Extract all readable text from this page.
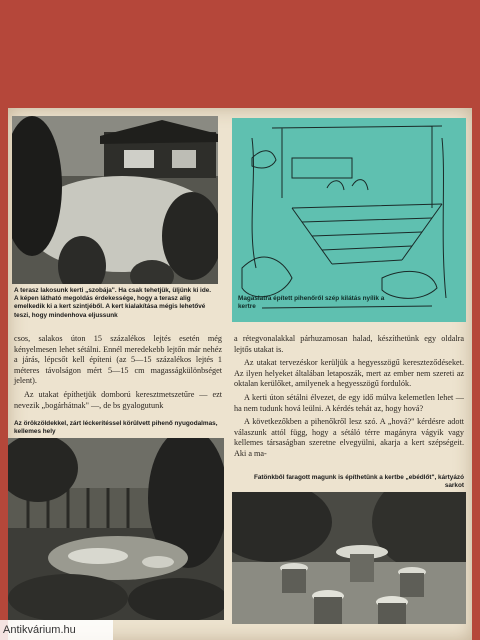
A terasz lakosunk kerti „szobája". Ha csak tehetjük, üljünk ki ide. A képen látható megoldás érdekessége, hogy a terasz alig emelkedik ki a kert szintjéből. A kert kialakítása mégis lehetővé teszi, hogy mindenhova eljussunk
Magaslatra épített pihenőről szép kilátás nyílik a kertre

csos, salakos úton 15 százalékos lejtés esetén még kényelmesen lehet sétálni. Ennél meredekebb lejtőn már nehéz a járás, lépcsőt kell építeni (az 5—15 százalékos lejtés 1 méteres távolságon mért 5—15 cm magasságkülönbséget jelent).

Az utakat építhetjük domború keresztmetszetűre — ezt nevezik „bogárhátnak" —, de bs gyalogutunk

a rétegvonalakkal párhuzamosan halad, készíthetünk egy oldalra lejtős utakat is.

Az utakat tervezéskor kerüljük a hegyesszögű kereszteződéseket. Az ilyen helyeket általában letaposzák, mert az ember nem szereti az oktalan kerülőket, amilyenek a hegyesszögű fordulók.

A kerti úton sétálni élvezet, de egy idő múlva kelemetlen lehet — ha nem tudunk hová leülni. A kérdés tehát az, hogy hová?

A következőkben a pihenőkről lesz szó. A „hová?" kérdésre adott válaszunk attól függ, hogy a sétáló térre magányra vágyik vagy kellemes társaságban szeretne elvegyülni, akarja a kert szépségeit. Aki a ma-

Az örökzöldekkel, zárt léckerítéssel körülvett pihenő nyugodalmas, kellemes hely
Fatönkből faragott magunk is építhetünk a kertbe „ebédlőt", kártyázó sarkot
Antikvárium.hu
